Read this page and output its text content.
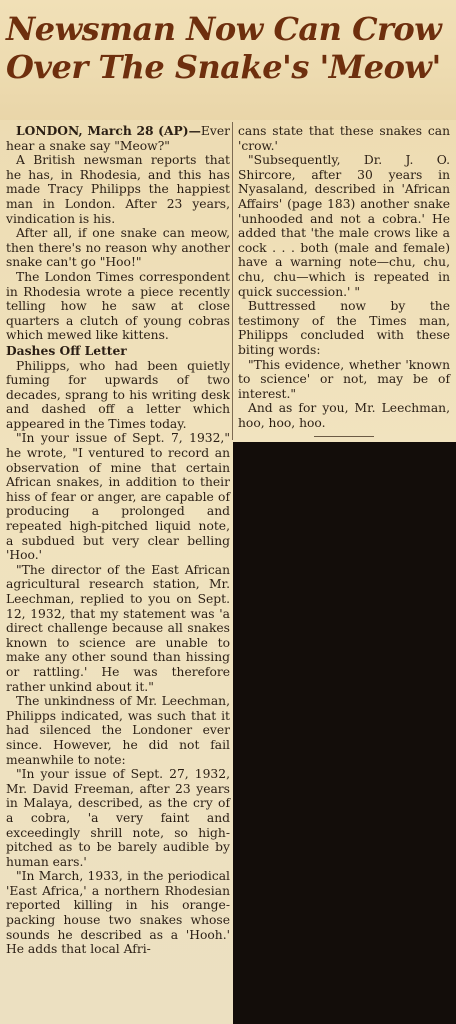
Newsman Now Can Crow
Over The Snake's 'Meow'

LONDON, March 28 (AP)—Ever hear a snake say "Meow?"

A British newsman reports that he has, in Rhodesia, and this has made Tracy Philipps the happiest man in London. After 23 years, vindication is his.

After all, if one snake can meow, then there's no reason why another snake can't go "Hoo!"

The London Times correspondent in Rhodesia wrote a piece recently telling how he saw at close quarters a clutch of young cobras which mewed like kittens.

Dashes Off Letter

Philipps, who had been quietly fuming for upwards of two decades, sprang to his writing desk and dashed off a letter which appeared in the Times today.

"In your issue of Sept. 7, 1932," he wrote, "I ventured to record an observation of mine that certain African snakes, in addition to their hiss of fear or anger, are capable of producing a prolonged and repeated high-pitched liquid note, a subdued but very clear belling 'Hoo.'

"The director of the East African agricultural research station, Mr. Leechman, replied to you on Sept. 12, 1932, that my statement was 'a direct challenge because all snakes known to science are unable to make any other sound than hissing or rattling.' He was therefore rather unkind about it."

The unkindness of Mr. Leechman, Philipps indicated, was such that it had silenced the Londoner ever since. However, he did not fail meanwhile to note:

"In your issue of Sept. 27, 1932, Mr. David Freeman, after 23 years in Malaya, described, as the cry of a cobra, 'a very faint and exceedingly shrill note, so high-pitched as to be barely audible by human ears.'

"In March, 1933, in the periodical 'East Africa,' a northern Rhodesian reported killing in his orange-packing house two snakes whose sounds he described as a 'Hooh.' He adds that local Afri-

cans state that these snakes can 'crow.'

"Subsequently, Dr. J. O. Shircore, after 30 years in Nyasaland, described in 'African Affairs' (page 183) another snake 'unhooded and not a cobra.' He added that 'the male crows like a cock . . . both (male and female) have a warning note—chu, chu, chu, chu—which is repeated in quick succession.' "

Buttressed now by the testimony of the Times man, Philipps concluded with these biting words:

"This evidence, whether 'known to science' or not, may be of interest."

And as for you, Mr. Leechman, hoo, hoo, hoo.
